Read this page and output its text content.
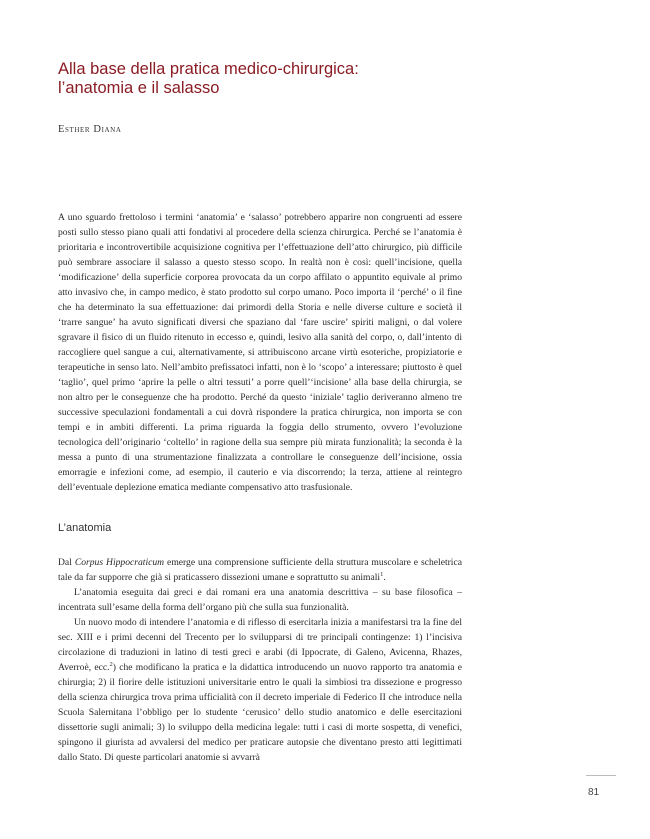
Alla base della pratica medico-chirurgica:
l’anatomia e il salasso
Esther Diana

A uno sguardo frettoloso i termini ‘anatomia’ e ‘salasso’ potrebbero apparire non congruenti ad essere posti sullo stesso piano quali atti fondativi al procedere della scienza chirurgica. Perché se l’anatomia è prioritaria e incontrovertibile acquisizione cognitiva per l’effettuazione dell’atto chirurgico, più difficile può sembrare associare il salasso a questo stesso scopo. In realtà non è così: quell’incisione, quella ‘modificazione’ della superficie corporea provocata da un corpo affilato o appuntito equivale al primo atto invasivo che, in campo medico, è stato prodotto sul corpo umano. Poco importa il ‘perché’ o il fine che ha determinato la sua effettuazione: dai primordi della Storia e nelle diverse culture e società il ‘trarre sangue’ ha avuto significati diversi che spaziano dal ‘fare uscire’ spiriti maligni, o dal volere sgravare il fisico di un fluido ritenuto in eccesso e, quindi, lesivo alla sanità del corpo, o, dall’intento di raccogliere quel sangue a cui, alternativamente, si attribuiscono arcane virtù esoteriche, propiziatorie e terapeutiche in senso lato. Nell’ambito prefissatoci infatti, non è lo ‘scopo’ a interessare; piuttosto è quel ‘taglio’, quel primo ‘aprire la pelle o altri tessuti’ a porre quell’‘incisione’ alla base della chirurgia, se non altro per le conseguenze che ha prodotto. Perché da questo ‘iniziale’ taglio deriveranno almeno tre successive speculazioni fondamentali a cui dovrà rispondere la pratica chirurgica, non importa se con tempi e in ambiti differenti. La prima riguarda la foggia dello strumento, ovvero l’evoluzione tecnologica dell’originario ‘coltello’ in ragione della sua sempre più mirata funzionalità; la seconda è la messa a punto di una strumentazione finalizzata a controllare le conseguenze dell’incisione, ossia emorragie e infezioni come, ad esempio, il cauterio e via discorrendo; la terza, attiene al reintegro dell’eventuale deplezione ematica mediante compensativo atto trasfusionale.

L’anatomia

Dal Corpus Hippocraticum emerge una comprensione sufficiente della struttura muscolare e scheletrica tale da far supporre che già si praticassero dissezioni umane e soprattutto su animali$^1$.

L’anatomia eseguita dai greci e dai romani era una anatomia descrittiva – su base filosofica – incentrata sull’esame della forma dell’organo più che sulla sua funzionalità.

Un nuovo modo di intendere l’anatomia e di riflesso di esercitarla inizia a manifestarsi tra la fine del sec. XIII e i primi decenni del Trecento per lo svilupparsi di tre principali contingenze: 1) l’incisiva circolazione di traduzioni in latino di testi greci e arabi (di Ippocrate, di Galeno, Avicenna, Rhazes, Averroè, ecc.$^2$) che modificano la pratica e la didattica introducendo un nuovo rapporto tra anatomia e chirurgia; 2) il fiorire delle istituzioni universitarie entro le quali la simbiosi tra dissezione e progresso della scienza chirurgica trova prima ufficialità con il decreto imperiale di Federico II che introduce nella Scuola Salernitana l’obbligo per lo studente ‘cerusico’ dello studio anatomico e delle esercitazioni dissettorie sugli animali; 3) lo sviluppo della medicina legale: tutti i casi di morte sospetta, di venefici, spingono il giurista ad avvalersi del medico per praticare autopsie che diventano presto atti legittimati dallo Stato. Di queste particolari anatomie si avvarrà

81
